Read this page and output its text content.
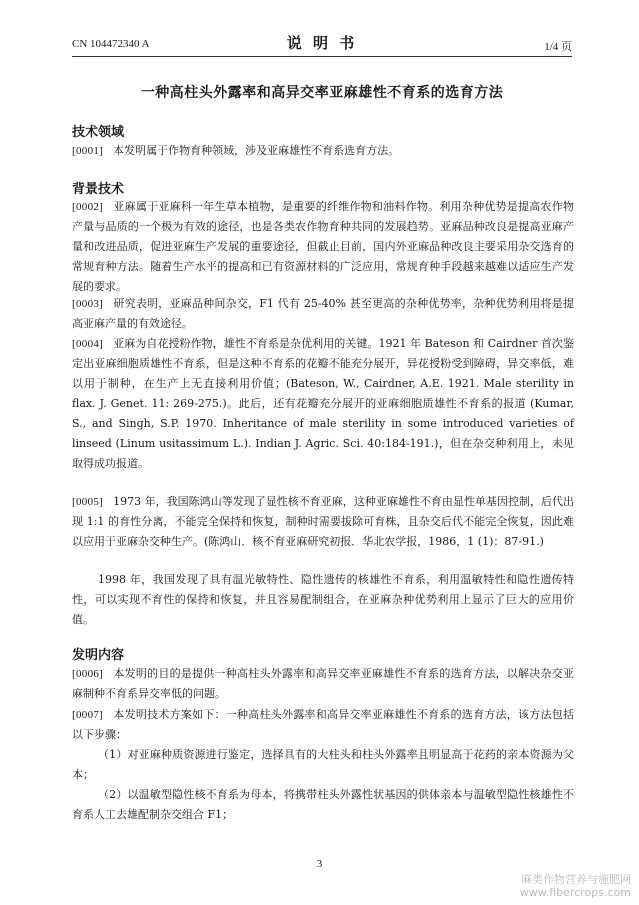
CN 104472340 A	说 明 书	1/4 页
一种高柱头外露率和高异交率亚麻雄性不育系的选育方法
技术领域
[0001] 本发明属于作物育种领域，涉及亚麻雄性不育系选育方法。
背景技术
[0002] 亚麻属于亚麻科一年生草本植物，是重要的纤维作物和油料作物。利用杂种优势是提高农作物产量与品质的一个极为有效的途径，也是各类农作物育种共同的发展趋势。亚麻品种改良是提高亚麻产量和改进品质，促进亚麻生产发展的重要途径，但截止目前，国内外亚麻品种改良主要采用杂交选育的常规育种方法。随着生产水平的提高和已有资源材料的广泛应用，常规育种手段越来越难以适应生产发展的要求。
[0003] 研究表明，亚麻品种间杂交，F1 代有 25-40% 甚至更高的杂种优势率，杂种优势利用将是提高亚麻产量的有效途径。
[0004] 亚麻为自花授粉作物，雄性不育系是杂优利用的关键。1921 年 Bateson 和 Cairdner 首次鉴定出亚麻细胞质雄性不育系，但是这种不育系的花瓣不能充分展开，异花授粉受到障碍，异交率低，难以用于制种，在生产上无直接利用价值；(Bateson, W., Cairdner, A.E. 1921. Male sterility in flax. J. Genet. 11: 269-275.)。此后，还有花瓣充分展开的亚麻细胞质雄性不育系的报道 (Kumar, S., and Singh, S.P. 1970. Inheritance of male sterility in some introduced varieties of linseed (Linum usitassimum L.). Indian J. Agric. Sci. 40:184-191.)，但在杂交种利用上，未见取得成功报道。
[0005] 1973 年，我国陈鸿山等发现了显性核不育亚麻，这种亚麻雄性不育由显性单基因控制，后代出现 1:1 的育性分离，不能完全保持和恢复，制种时需要拔除可育株，且杂交后代不能完全恢复，因此难以应用于亚麻杂交种生产。(陈鸿山．核不育亚麻研究初报．华北农学报，1986，1 (1)：87-91.)
1998 年，我国发现了具有温光敏特性、隐性遗传的核雄性不育系，利用温敏特性和隐性遗传特性，可以实现不育性的保持和恢复，并且容易配制组合，在亚麻杂种优势利用上显示了巨大的应用价值。
发明内容
[0006] 本发明的目的是提供一种高柱头外露率和高异交率亚麻雄性不育系的选育方法，以解决杂交亚麻制种不育系异交率低的问题。
[0007] 本发明技术方案如下：一种高柱头外露率和高异交率亚麻雄性不育系的选育方法，该方法包括以下步骤：
（1）对亚麻种质资源进行鉴定，选择具有的大柱头和柱头外露率且明显高于花药的亲本资源为父本；
（2）以温敏型隐性核不育系为母本，将携带柱头外露性状基因的供体亲本与温敏型隐性核雄性不育系人工去雄配制杂交组合 F1；
3
麻类作物营养与施肥网
www.fibercrops.com
